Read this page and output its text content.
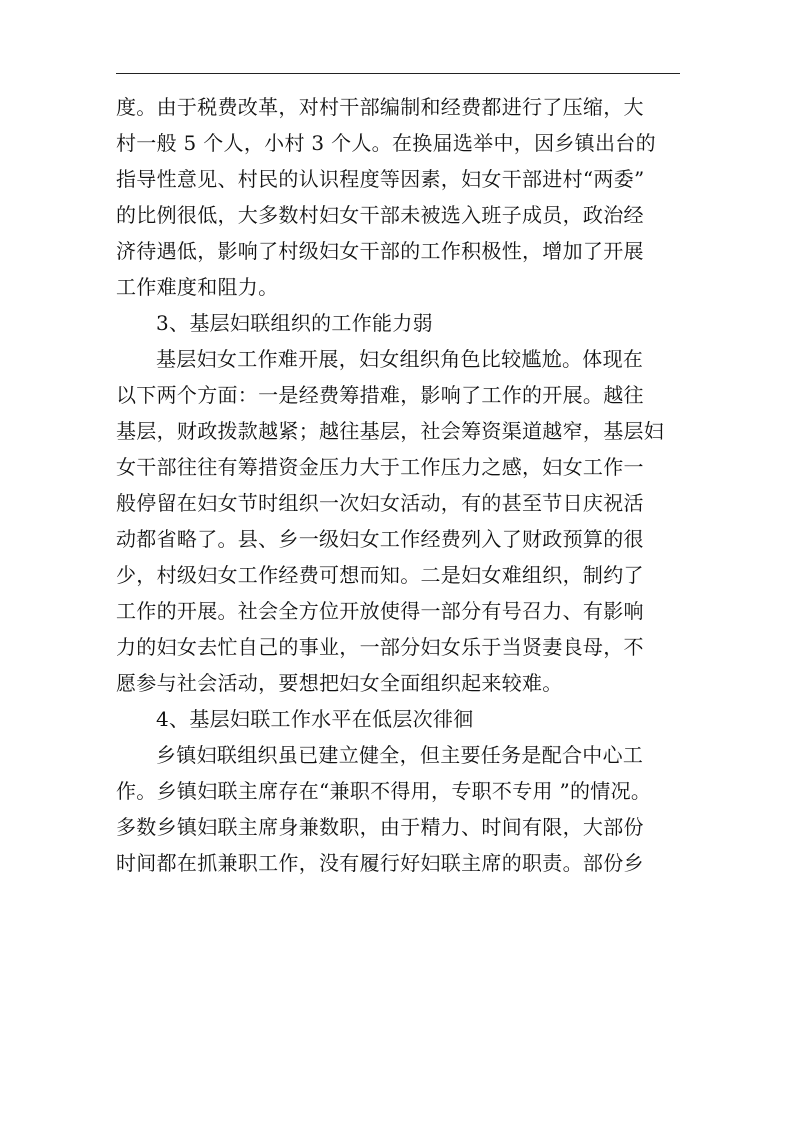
度。由于税费改革，对村干部编制和经费都进行了压缩，大
村一般 5 个人，小村 3 个人。在换届选举中，因乡镇出台的
指导性意见、村民的认识程度等因素，妇女干部进村“两委”
的比例很低，大多数村妇女干部未被选入班子成员，政治经
济待遇低，影响了村级妇女干部的工作积极性，增加了开展
工作难度和阻力。
3、基层妇联组织的工作能力弱
基层妇女工作难开展，妇女组织角色比较尴尬。体现在
以下两个方面：一是经费筹措难，影响了工作的开展。越往
基层，财政拨款越紧；越往基层，社会筹资渠道越窄，基层妇
女干部往往有筹措资金压力大于工作压力之感，妇女工作一
般停留在妇女节时组织一次妇女活动，有的甚至节日庆祝活
动都省略了。县、乡一级妇女工作经费列入了财政预算的很
少，村级妇女工作经费可想而知。二是妇女难组织，制约了
工作的开展。社会全方位开放使得一部分有号召力、有影响
力的妇女去忙自己的事业，一部分妇女乐于当贤妻良母，不
愿参与社会活动，要想把妇女全面组织起来较难。
4、基层妇联工作水平在低层次徘徊
乡镇妇联组织虽已建立健全，但主要任务是配合中心工
作。乡镇妇联主席存在“兼职不得用，专职不专用 ”的情况。
多数乡镇妇联主席身兼数职，由于精力、时间有限，大部份
时间都在抓兼职工作，没有履行好妇联主席的职责。部份乡
